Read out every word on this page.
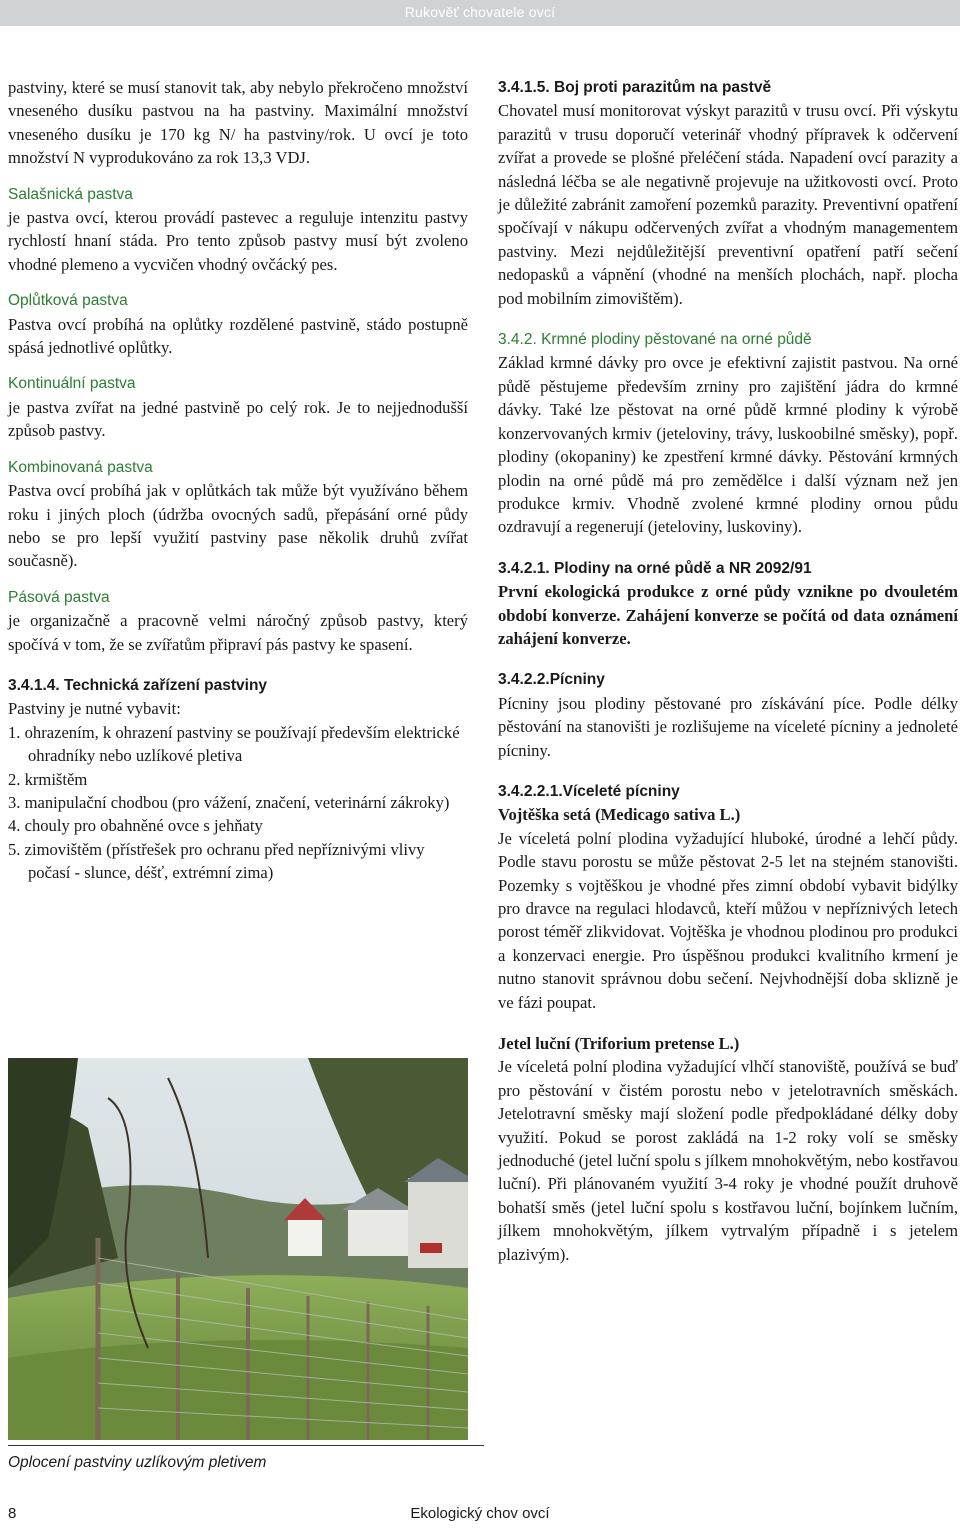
Rukověť chovatele ovcí

pastviny, které se musí stanovit tak, aby nebylo překročeno množství vneseného dusíku pastvou na ha pastviny. Maximální množství vneseného dusíku je 170 kg N/ ha pastviny/rok. U ovcí je toto množství N vyprodukováno za rok 13,3 VDJ.

Salašnická pastva

je pastva ovcí, kterou provádí pastevec a reguluje intenzitu pastvy rychlostí hnaní stáda. Pro tento způsob pastvy musí být zvoleno vhodné plemeno a vycvičen vhodný ovčácký pes.

Oplůtková pastva

Pastva ovcí probíhá na oplůtky rozdělené pastvině, stádo postupně spásá jednotlivé oplůtky.

Kontinuální pastva

je pastva zvířat na jedné pastvině po celý rok. Je to nejjednodušší způsob pastvy.

Kombinovaná pastva

Pastva ovcí probíhá jak v oplůtkách tak může být využíváno během roku i jiných ploch (údržba ovocných sadů, přepásání orné půdy nebo se pro lepší využití pastviny pase několik druhů zvířat současně).

Pásová pastva

je organizačně a pracovně velmi náročný způsob pastvy, který spočívá v tom, že se zvířatům připraví pás pastvy ke spasení.

3.4.1.4. Technická zařízení pastviny

Pastviny je nutné vybavit:

1. ohrazením, k ohrazení pastviny se používají především elektrické ohradníky nebo uzlíkové pletiva
2. krmištěm
3. manipulační chodbou (pro vážení, značení, veterinární zákroky)
4. chouly pro obahněné ovce s jehňaty
5. zimovištěm (přístřešek pro ochranu před nepříznivými vlivy počasí - slunce, déšť, extrémní zima)
Oplocení pastviny uzlíkovým pletivem
3.4.1.5. Boj proti parazitům na pastvě

Chovatel musí monitorovat výskyt parazitů v trusu ovcí. Při výskytu parazitů v trusu doporučí veterinář vhodný přípravek k odčervení zvířat a provede se plošné přeléčení stáda. Napadení ovcí parazity a následná léčba se ale negativně projevuje na užitkovosti ovcí. Proto je důležité zabránit zamoření pozemků parazity. Preventivní opatření spočívají v nákupu odčervených zvířat a vhodným managementem pastviny. Mezi nejdůležitější preventivní opatření patří sečení nedopasků a vápnění (vhodné na menších plochách, např. plocha pod mobilním zimovištěm).

3.4.2. Krmné plodiny pěstované na orné půdě

Základ krmné dávky pro ovce je efektivní zajistit pastvou. Na orné půdě pěstujeme především zrniny pro zajištění jádra do krmné dávky. Také lze pěstovat na orné půdě krmné plodiny k výrobě konzervovaných krmiv (jeteloviny, trávy, luskoobilné směsky), popř. plodiny (okopaniny) ke zpestření krmné dávky. Pěstování krmných plodin na orné půdě má pro zemědělce i další význam než jen produkce krmiv. Vhodně zvolené krmné plodiny ornou půdu ozdravují a regenerují (jeteloviny, luskoviny).

3.4.2.1. Plodiny na orné půdě a NR 2092/91

První ekologická produkce z orné půdy vzniknе po dvouletém období konverze. Zahájení konverze se počítá od data oznámení zahájení konverze.

3.4.2.2.Pícniny

Pícniny jsou plodiny pěstované pro získávání píce. Podle délky pěstování na stanovišti je rozlišujeme na víceleté pícniny a jednoleté pícniny.

3.4.2.2.1.Víceleté pícniny
Vojtěška setá (Medicago sativa L.)

Je víceletá polní plodina vyžadující hluboké, úrodné a lehčí půdy. Podle stavu porostu se může pěstovat 2-5 let na stejném stanovišti. Pozemky s vojtěškou je vhodné přes zimní období vybavit bidýlky pro dravce na regulaci hlodavců, kteří můžou v nepříznivých letech porost téměř zlikvidovat. Vojtěška je vhodnou plodinou pro produkci a konzervaci energie. Pro úspěšnou produkci kvalitního krmení je nutno stanovit správnou dobu sečení. Nejvhodnější doba sklizně je ve fázi poupat.

Jetel luční (Triforium pretense L.)

Je víceletá polní plodina vyžadující vlhčí stanoviště, používá se buď pro pěstování v čistém porostu nebo v jetelotravních směskách. Jetelotravní směsky mají složení podle předpokládané délky doby využití. Pokud se porost zakládá na 1-2 roky volí se směsky jednoduché (jetel luční spolu s jílkem mnohokvětým, nebo kostřavou luční). Při plánovaném využití 3-4 roky je vhodné použít druhově bohatší směs (jetel luční spolu s kostřavou luční, bojínkem lučním, jílkem mnohokvětým, jílkem vytrvalým případně i s jetelem plazivým).

8	Ekologický chov ovcí
